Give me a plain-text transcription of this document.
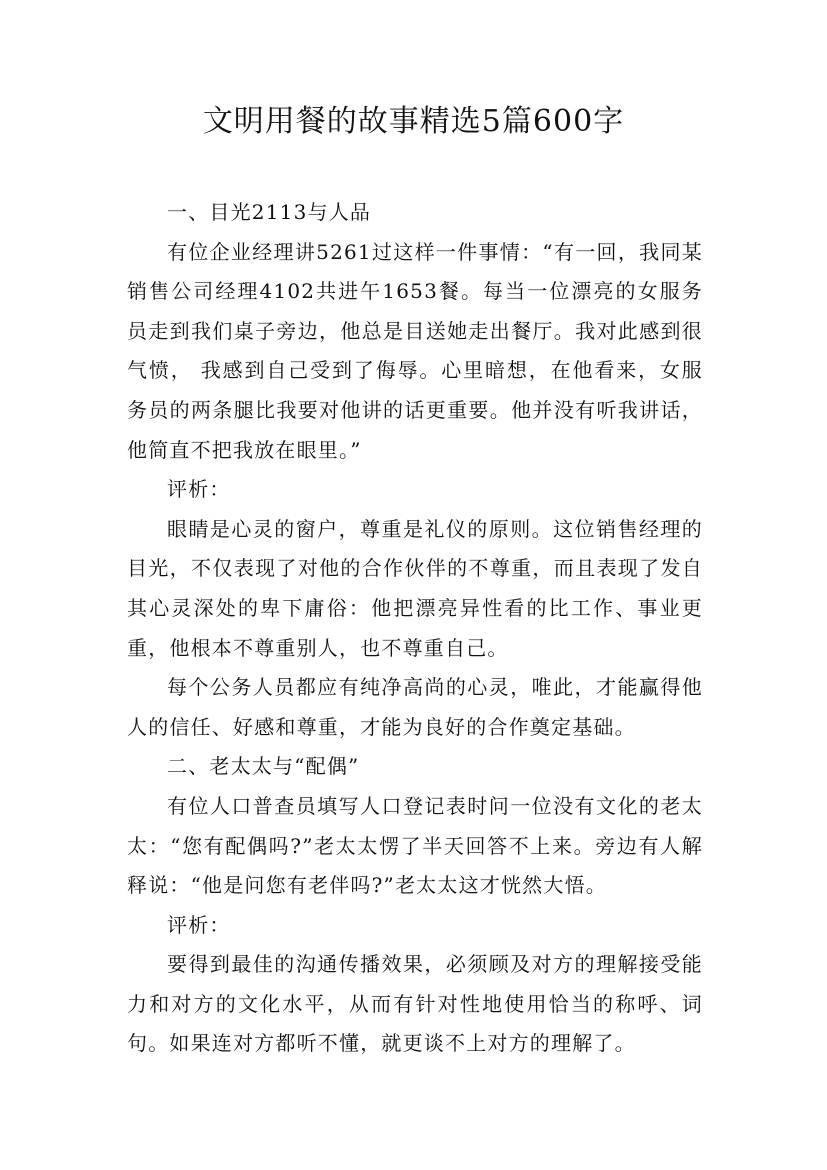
文明用餐的故事精选5篇600字

一、目光2113与人品

有位企业经理讲5261过这样一件事情：“有一回，我同某销售公司经理4102共进午1653餐。每当一位漂亮的女服务员走到我们桌子旁边，他总是目送她走出餐厅。我对此感到很气愤， 我感到自己受到了侮辱。心里暗想，在他看来，女服务员的两条腿比我要对他讲的话更重要。他并没有听我讲话，他简直不把我放在眼里。”

评析：

眼睛是心灵的窗户，尊重是礼仪的原则。这位销售经理的目光，不仅表现了对他的合作伙伴的不尊重，而且表现了发自其心灵深处的卑下庸俗：他把漂亮异性看的比工作、事业更重，他根本不尊重别人，也不尊重自己。

每个公务人员都应有纯净高尚的心灵，唯此，才能赢得他人的信任、好感和尊重，才能为良好的合作奠定基础。

二、老太太与“配偶”

有位人口普查员填写人口登记表时问一位没有文化的老太太：“您有配偶吗?”老太太愣了半天回答不上来。旁边有人解释说：“他是问您有老伴吗?”老太太这才恍然大悟。

评析：

要得到最佳的沟通传播效果，必须顾及对方的理解接受能力和对方的文化水平，从而有针对性地使用恰当的称呼、词句。如果连对方都听不懂，就更谈不上对方的理解了。
